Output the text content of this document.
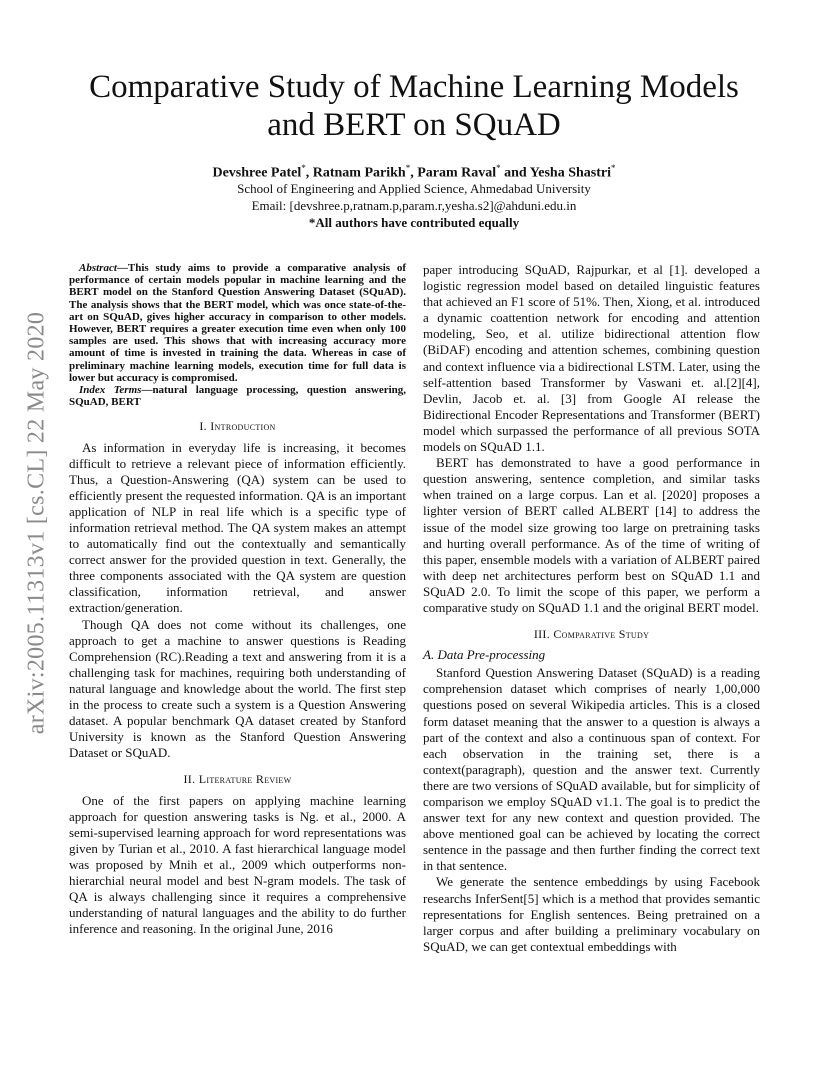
arXiv:2005.11313v1 [cs.CL] 22 May 2020
Comparative Study of Machine Learning Models
and BERT on SQuAD
Devshree Patel*, Ratnam Parikh*, Param Raval* and Yesha Shastri*
School of Engineering and Applied Science, Ahmedabad University
Email: [devshree.p,ratnam.p,param.r,yesha.s2]@ahduni.edu.in
*All authors have contributed equally

Abstract—This study aims to provide a comparative analysis of performance of certain models popular in machine learning and the BERT model on the Stanford Question Answering Dataset (SQuAD). The analysis shows that the BERT model, which was once state-of-the-art on SQuAD, gives higher accuracy in comparison to other models. However, BERT requires a greater execution time even when only 100 samples are used. This shows that with increasing accuracy more amount of time is invested in training the data. Whereas in case of preliminary machine learning models, execution time for full data is lower but accuracy is compromised.

Index Terms—natural language processing, question answering, SQuAD, BERT

I. Introduction

As information in everyday life is increasing, it becomes difficult to retrieve a relevant piece of information efficiently. Thus, a Question-Answering (QA) system can be used to efficiently present the requested information. QA is an important application of NLP in real life which is a specific type of information retrieval method. The QA system makes an attempt to automatically find out the contextually and semantically correct answer for the provided question in text. Generally, the three components associated with the QA system are question classification, information retrieval, and answer extraction/generation.

Though QA does not come without its challenges, one approach to get a machine to answer questions is Reading Comprehension (RC).Reading a text and answering from it is a challenging task for machines, requiring both understanding of natural language and knowledge about the world. The first step in the process to create such a system is a Question Answering dataset. A popular benchmark QA dataset created by Stanford University is known as the Stanford Question Answering Dataset or SQuAD.

II. Literature Review

One of the first papers on applying machine learning approach for question answering tasks is Ng. et al., 2000. A semi-supervised learning approach for word representations was given by Turian et al., 2010. A fast hierarchical language model was proposed by Mnih et al., 2009 which outperforms non-hierarchial neural model and best N-gram models. The task of QA is always challenging since it requires a comprehensive understanding of natural languages and the ability to do further inference and reasoning. In the original June, 2016

paper introducing SQuAD, Rajpurkar, et al [1]. developed a logistic regression model based on detailed linguistic features that achieved an F1 score of 51%. Then, Xiong, et al. introduced a dynamic coattention network for encoding and attention modeling, Seo, et al. utilize bidirectional attention flow (BiDAF) encoding and attention schemes, combining question and context influence via a bidirectional LSTM. Later, using the self-attention based Transformer by Vaswani et. al.[2][4], Devlin, Jacob et. al. [3] from Google AI release the Bidirectional Encoder Representations and Transformer (BERT) model which surpassed the performance of all previous SOTA models on SQuAD 1.1.

BERT has demonstrated to have a good performance in question answering, sentence completion, and similar tasks when trained on a large corpus. Lan et al. [2020] proposes a lighter version of BERT called ALBERT [14] to address the issue of the model size growing too large on pretraining tasks and hurting overall performance. As of the time of writing of this paper, ensemble models with a variation of ALBERT paired with deep net architectures perform best on SQuAD 1.1 and SQuAD 2.0. To limit the scope of this paper, we perform a comparative study on SQuAD 1.1 and the original BERT model.

III. Comparative Study
A. Data Pre-processing

Stanford Question Answering Dataset (SQuAD) is a reading comprehension dataset which comprises of nearly 1,00,000 questions posed on several Wikipedia articles. This is a closed form dataset meaning that the answer to a question is always a part of the context and also a continuous span of context. For each observation in the training set, there is a context(paragraph), question and the answer text. Currently there are two versions of SQuAD available, but for simplicity of comparison we employ SQuAD v1.1. The goal is to predict the answer text for any new context and question provided. The above mentioned goal can be achieved by locating the correct sentence in the passage and then further finding the correct text in that sentence.

We generate the sentence embeddings by using Facebook researchs InferSent[5] which is a method that provides semantic representations for English sentences. Being pretrained on a larger corpus and after building a preliminary vocabulary on SQuAD, we can get contextual embeddings with
